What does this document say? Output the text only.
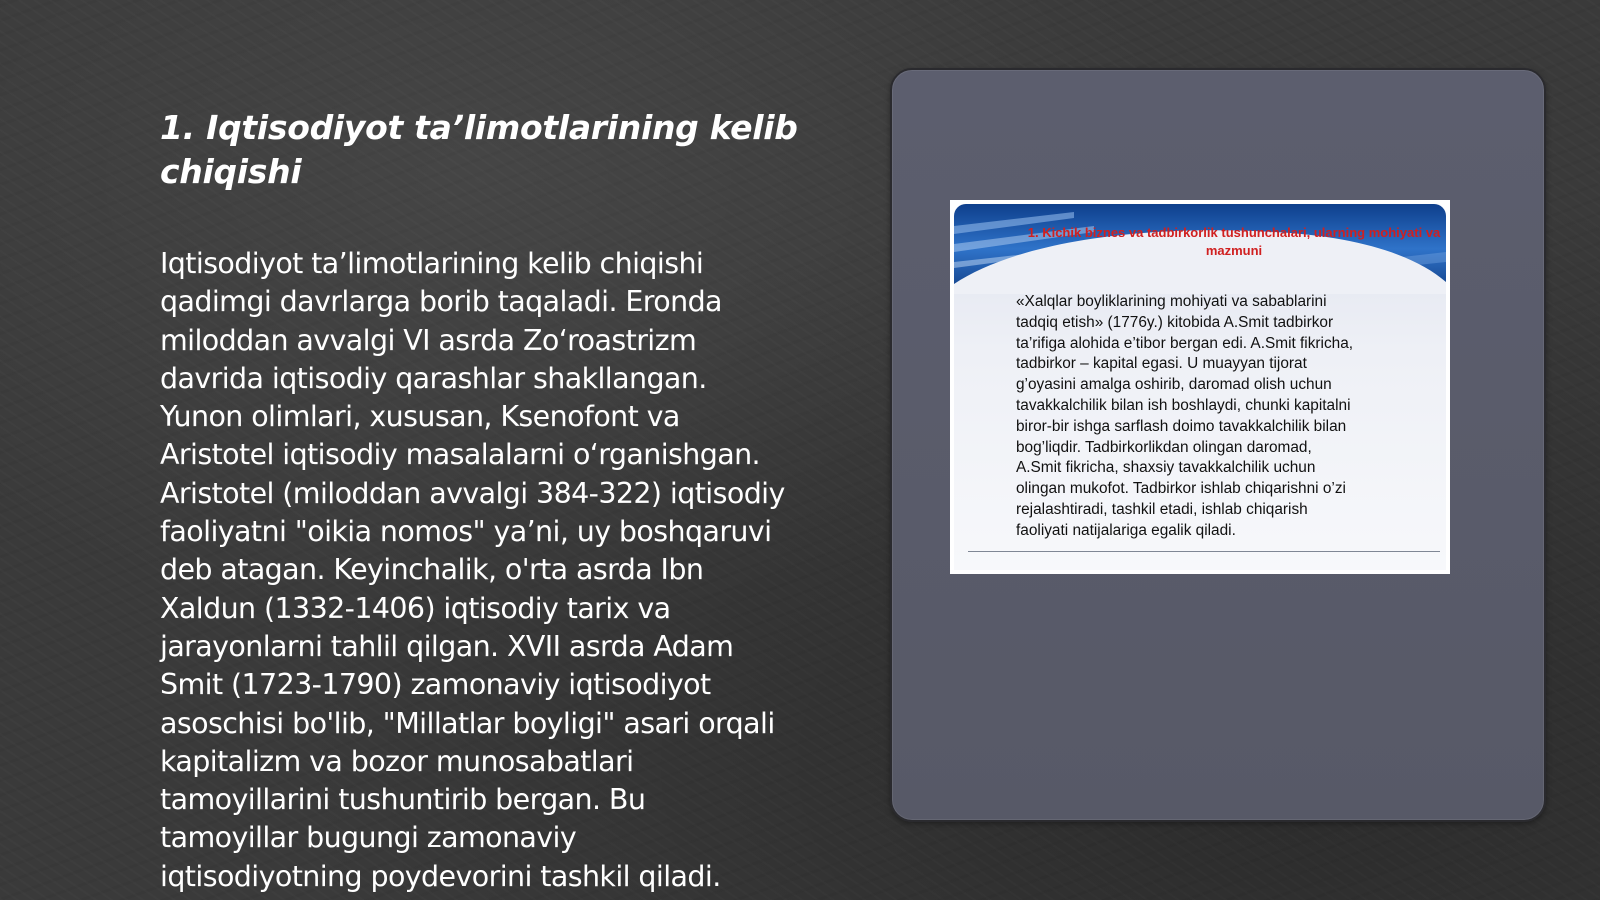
1. Iqtisodiyot ta’limotlarining kelib chiqishi

Iqtisodiyot ta’limotlarining kelib chiqishi
qadimgi davrlarga borib taqaladi. Eronda
miloddan avvalgi VI asrda Zo‘roastrizm
davrida iqtisodiy qarashlar shakllangan.
Yunon olimlari, xususan, Ksenofont va
Aristotel iqtisodiy masalalarni o‘rganishgan.
Aristotel (miloddan avvalgi 384-322) iqtisodiy
faoliyatni "oikia nomos" ya’ni, uy boshqaruvi
deb atagan. Keyinchalik, o'rta asrda Ibn
Xaldun (1332-1406) iqtisodiy tarix va
jarayonlarni tahlil qilgan. XVII asrda Adam
Smit (1723-1790) zamonaviy iqtisodiyot
asoschisi bo'lib, "Millatlar boyligi" asari orqali
kapitalizm va bozor munosabatlari
tamoyillarini tushuntirib bergan. Bu
tamoyillar bugungi zamonaviy
iqtisodiyotning poydevorini tashkil qiladi.

1. Kichik biznes va tadbirkorlik tushunchalari, ularning mohiyati va mazmuni

«Xalqlar boyliklarining mohiyati va sabablarini
tadqiq etish» (1776y.) kitobida A.Smit tadbirkor
ta’rifiga alohida e’tibor bergan edi. A.Smit fikricha,
tadbirkor – kapital egasi. U muayyan tijorat
g’oyasini amalga oshirib, daromad olish uchun
tavakkalchilik bilan ish boshlaydi, chunki kapitalni
biror-bir ishga sarflash doimo tavakkalchilik bilan
bog’liqdir. Tadbirkorlikdan olingan daromad,
A.Smit fikricha, shaxsiy tavakkalchilik uchun
olingan mukofot. Tadbirkor ishlab chiqarishni o’zi
rejalashtiradi, tashkil etadi, ishlab chiqarish
faoliyati natijalariga egalik qiladi.
